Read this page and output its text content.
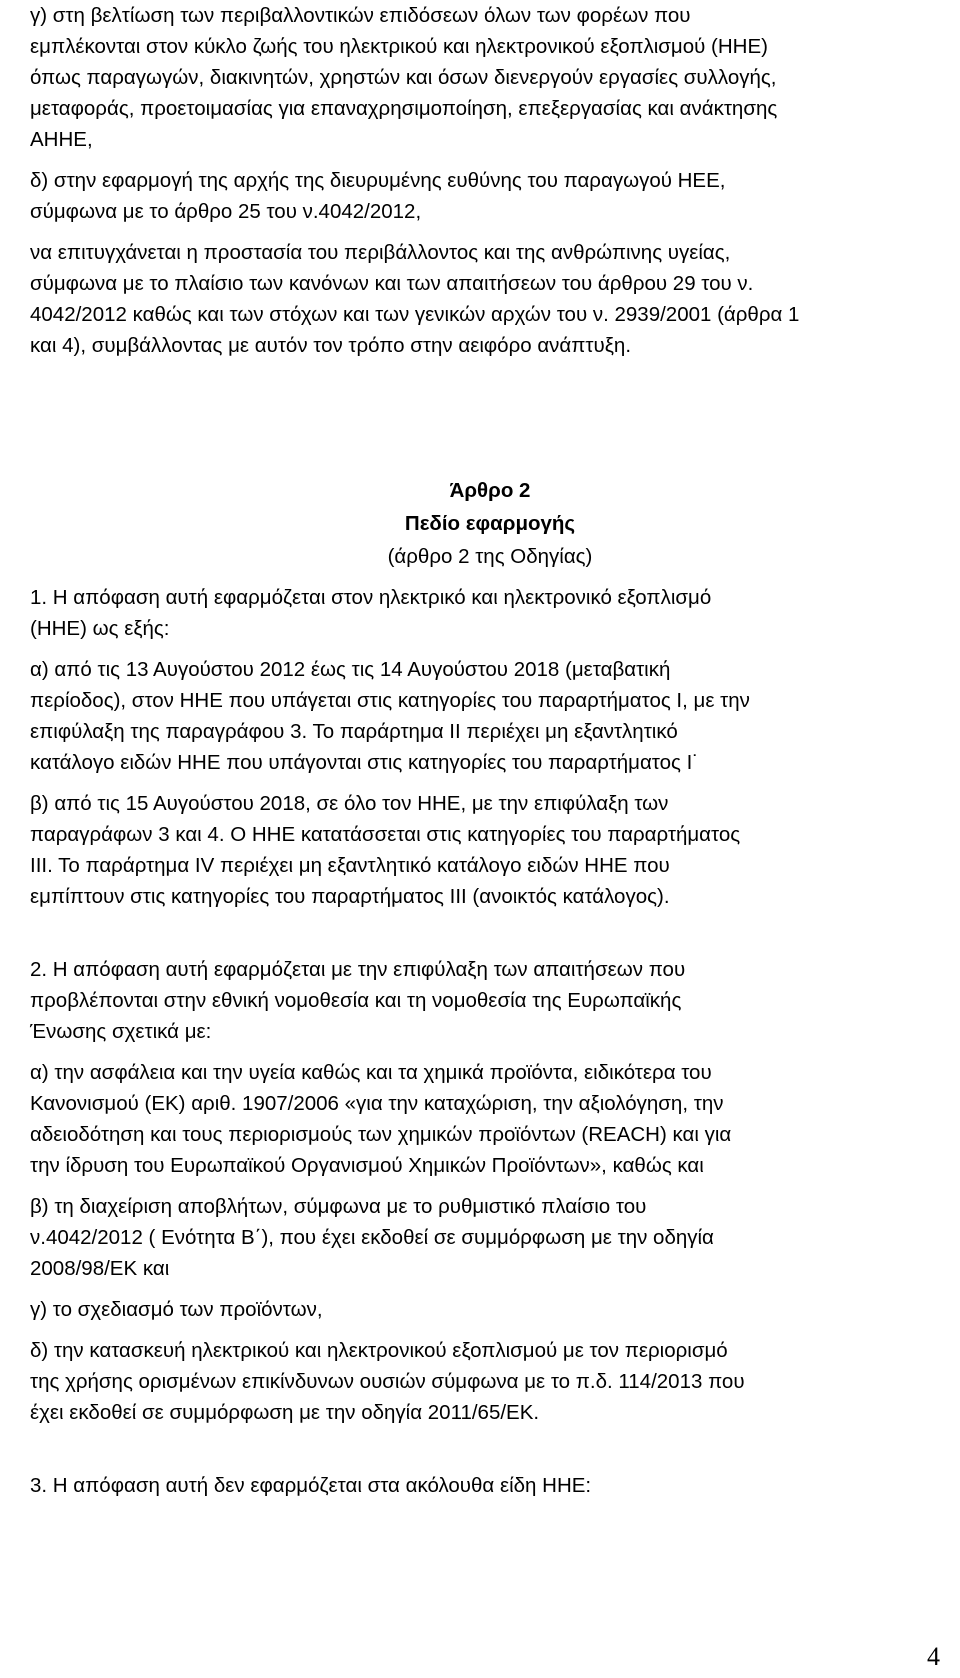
γ) στη βελτίωση των περιβαλλοντικών επιδόσεων όλων των φορέων που
εμπλέκονται στον κύκλο ζωής του ηλεκτρικού και ηλεκτρονικού εξοπλισμού (ΗΗΕ)
όπως παραγωγών, διακινητών, χρηστών και όσων διενεργούν εργασίες συλλογής,
μεταφοράς, προετοιμασίας για επαναχρησιμοποίηση, επεξεργασίας και ανάκτησης
ΑΗΗΕ,
δ) στην εφαρμογή της αρχής της διευρυμένης ευθύνης του παραγωγού ΗΕΕ,
σύμφωνα με το άρθρο 25 του ν.4042/2012,
να επιτυγχάνεται η προστασία του περιβάλλοντος και της ανθρώπινης υγείας,
σύμφωνα με το πλαίσιο των κανόνων και των απαιτήσεων του άρθρου 29 του ν.
4042/2012 καθώς και των στόχων και των γενικών αρχών του ν. 2939/2001 (άρθρα 1
και 4), συμβάλλοντας με αυτόν τον τρόπο στην αειφόρο ανάπτυξη.
Άρθρο 2
Πεδίο εφαρμογής
(άρθρο 2 της Οδηγίας)
1. Η απόφαση αυτή εφαρμόζεται στον ηλεκτρικό και ηλεκτρονικό εξοπλισμό
(ΗΗΕ) ως εξής:
α) από τις 13 Αυγούστου 2012 έως τις 14 Αυγούστου 2018 (μεταβατική
περίοδος), στον ΗΗΕ που υπάγεται στις κατηγορίες του παραρτήματος Ι, με την
επιφύλαξη της παραγράφου 3. Το παράρτημα ΙΙ περιέχει μη εξαντλητικό
κατάλογο ειδών ΗΗΕ που υπάγονται στις κατηγορίες του παραρτήματος Ι˙
β) από τις 15 Αυγούστου 2018, σε όλο τον ΗΗΕ, με την επιφύλαξη των
παραγράφων 3 και 4. Ο ΗΗΕ κατατάσσεται στις κατηγορίες του παραρτήματος
ΙΙΙ. Το παράρτημα ΙV περιέχει μη εξαντλητικό κατάλογο ειδών ΗΗΕ που
εμπίπτουν στις κατηγορίες του παραρτήματος ΙΙΙ (ανοικτός κατάλογος).
2. Η απόφαση αυτή εφαρμόζεται με την επιφύλαξη των απαιτήσεων που
προβλέπονται στην εθνική νομοθεσία και τη νομοθεσία της Ευρωπαϊκής
Ένωσης σχετικά με:
α) την ασφάλεια και την υγεία καθώς και τα χημικά προϊόντα, ειδικότερα του
Κανονισμού (ΕΚ) αριθ. 1907/2006 «για την καταχώριση, την αξιολόγηση, την
αδειοδότηση και τους περιορισμούς των χημικών προϊόντων (REACH) και για
την ίδρυση του Ευρωπαϊκού Οργανισμού Χημικών Προϊόντων», καθώς και
β) τη διαχείριση αποβλήτων, σύμφωνα με το ρυθμιστικό πλαίσιο του
ν.4042/2012 ( Ενότητα Β΄), που έχει εκδοθεί σε συμμόρφωση με την οδηγία
2008/98/ΕΚ και
γ) το σχεδιασμό των προϊόντων,
δ) την κατασκευή ηλεκτρικού και ηλεκτρονικού εξοπλισμού με τον περιορισμό
της χρήσης ορισμένων επικίνδυνων ουσιών σύμφωνα με το π.δ. 114/2013 που
έχει εκδοθεί σε συμμόρφωση με την οδηγία 2011/65/ΕΚ.
3. Η απόφαση αυτή δεν εφαρμόζεται στα ακόλουθα είδη ΗΗΕ:
4
